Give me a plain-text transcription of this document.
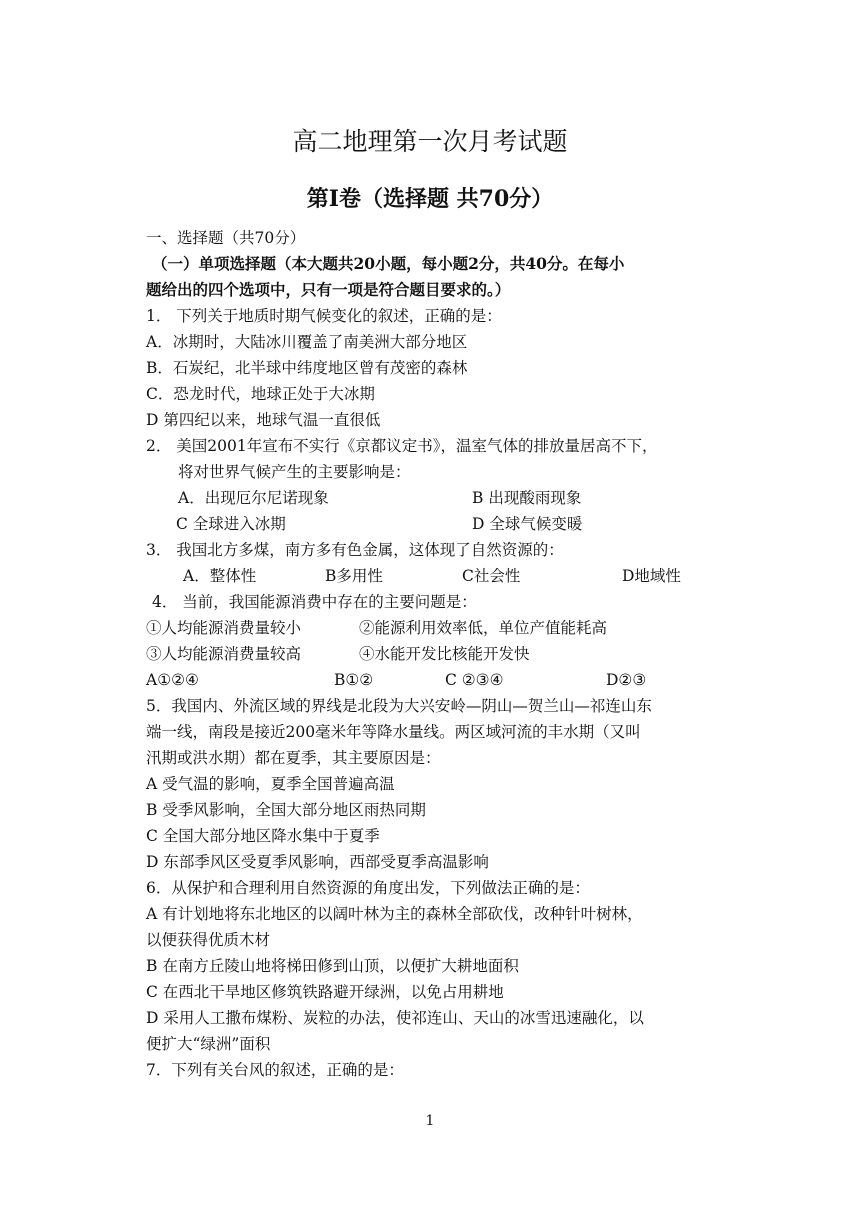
高二地理第一次月考试题
第Ⅰ卷（选择题 共70分）
一、选择题（共70分）
（一）单项选择题（本大题共20小题，每小题2分，共40分。在每小
题给出的四个选项中，只有一项是符合题目要求的。）
1． 下列关于地质时期气候变化的叙述，正确的是：
A．冰期时，大陆冰川覆盖了南美洲大部分地区
B．石炭纪，北半球中纬度地区曾有茂密的森林
C．恐龙时代，地球正处于大冰期
D 第四纪以来，地球气温一直很低
2． 美国2001年宣布不实行《京都议定书》，温室气体的排放量居高不下，
将对世界气候产生的主要影响是：
A．出现厄尔尼诺现象	B 出现酸雨现象
C 全球进入冰期	D 全球气候变暖
3． 我国北方多煤，南方多有色金属，这体现了自然资源的：
A．整体性	B多用性	C社会性	D地域性
4． 当前，我国能源消费中存在的主要问题是：
①人均能源消费量较小	②能源利用效率低，单位产值能耗高
③人均能源消费量较高	④水能开发比核能开发快
A①②④	B①②	C ②③④	D②③
5．我国内、外流区域的界线是北段为大兴安岭—阴山—贺兰山—祁连山东
端一线，南段是接近200毫米年等降水量线。两区域河流的丰水期（又叫
汛期或洪水期）都在夏季，其主要原因是：
A 受气温的影响，夏季全国普遍高温
B 受季风影响，全国大部分地区雨热同期
C 全国大部分地区降水集中于夏季
D 东部季风区受夏季风影响，西部受夏季高温影响
6．从保护和合理利用自然资源的角度出发，下列做法正确的是：
A 有计划地将东北地区的以阔叶林为主的森林全部砍伐，改种针叶树林，
以便获得优质木材
B 在南方丘陵山地将梯田修到山顶，以便扩大耕地面积
C 在西北干旱地区修筑铁路避开绿洲，以免占用耕地
D 采用人工撒布煤粉、炭粒的办法，使祁连山、天山的冰雪迅速融化，以
便扩大“绿洲”面积
7．下列有关台风的叙述，正确的是：
1
